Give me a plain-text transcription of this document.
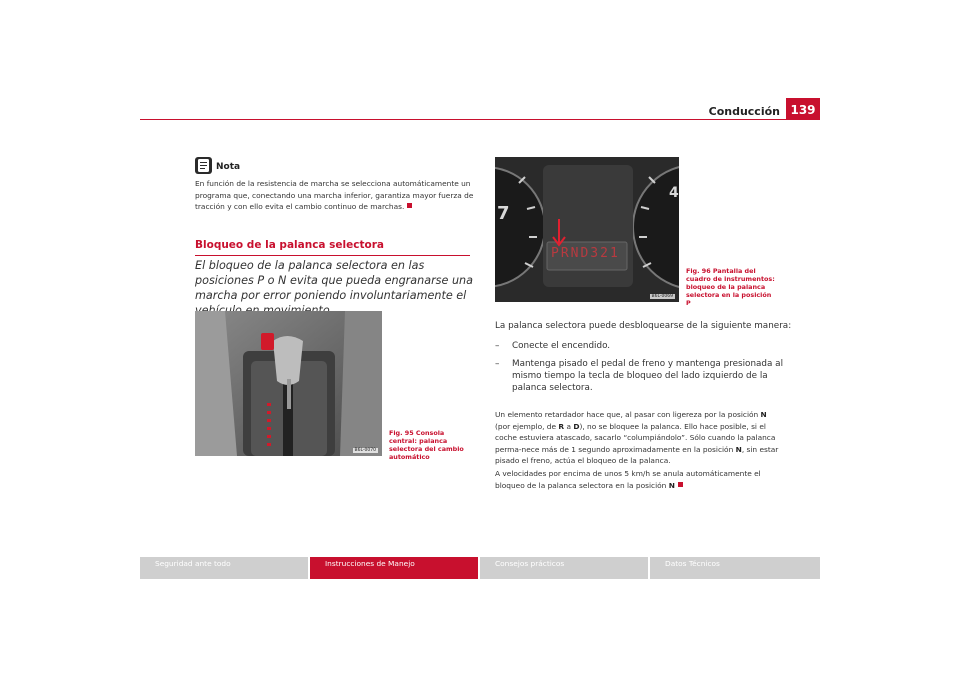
Conducción 139
Nota
En función de la resistencia de marcha se selecciona automáticamente un programa que, conectando una marcha inferior, garantiza mayor fuerza de tracción y con ello evita el cambio continuo de marchas.
Bloqueo de la palanca selectora
El bloqueo de la palanca selectora en las posiciones P o N evita que pueda engranarse una marcha por error poniendo involuntariamente el
B6L-0070
Fig. 95 Consola central: palanca selectora del cambio automático
7
4
PRND321
B6L-0069
Fig. 96 Pantalla del cuadro de instrumentos: bloqueo de la palanca selectora en la posición P
La palanca selectora puede desbloquearse de la siguiente manera:
– Conecte el encendido.
– Mantenga pisado el pedal de freno y mantenga presionada al mismo tiempo la tecla de bloqueo del lado izquierdo de la palanca selectora.
Un elemento retardador hace que, al pasar con ligereza por la posición N (por ejemplo, de R a D), no se bloquee la palanca. Ello hace posible, si el coche estuviera atascado, sacarlo “columpiándolo”. Sólo cuando la palanca perma-nece más de 1 segundo aproximadamente en la posición N, sin estar pisado el freno, actúa el bloqueo de la palanca.
A velocidades por encima de unos 5 km/h se anula automáticamente el bloqueo de la palanca selectora en la posición N
Seguridad ante todo	Instrucciones de Manejo	Consejos prácticos	Datos Técnicos
